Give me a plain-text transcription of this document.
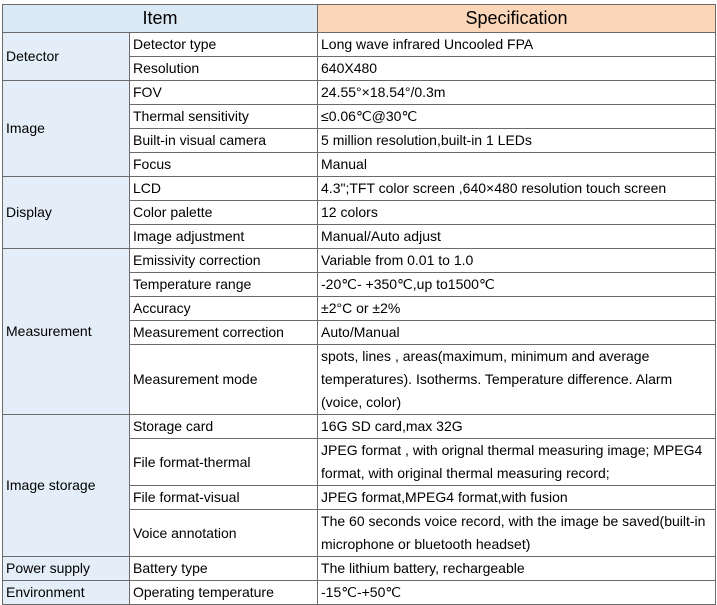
Item		Specification
Detector	Detector type	Long wave infrared Uncooled FPA
	Resolution	640X480
Image	FOV	24.55°×18.54°/0.3m
	Thermal sensitivity	≤0.06℃@30℃
	Built-in visual camera	5 million resolution,built-in 1 LEDs
	Focus	Manual
Display	LCD	4.3";TFT color screen ,640×480 resolution touch screen
	Color palette	12 colors
	Image adjustment	Manual/Auto adjust
Measurement	Emissivity correction	Variable from 0.01 to 1.0
	Temperature range	-20℃- +350℃,up to1500℃
	Accuracy	±2°C or ±2%
	Measurement correction	Auto/Manual
	Measurement mode	spots, lines , areas(maximum, minimum and average temperatures). Isotherms. Temperature difference. Alarm (voice, color)
Image storage	Storage card	16G SD card,max 32G
	File format-thermal	JPEG format , with orignal thermal measuring image; MPEG4 format, with original thermal measuring record;
	File format-visual	JPEG format,MPEG4 format,with fusion
	Voice annotation	The 60 seconds voice record, with the image be saved(built-in microphone or bluetooth headset)
Power supply	Battery type	The lithium battery, rechargeable
Environment	Operating temperature	-15℃-+50℃
